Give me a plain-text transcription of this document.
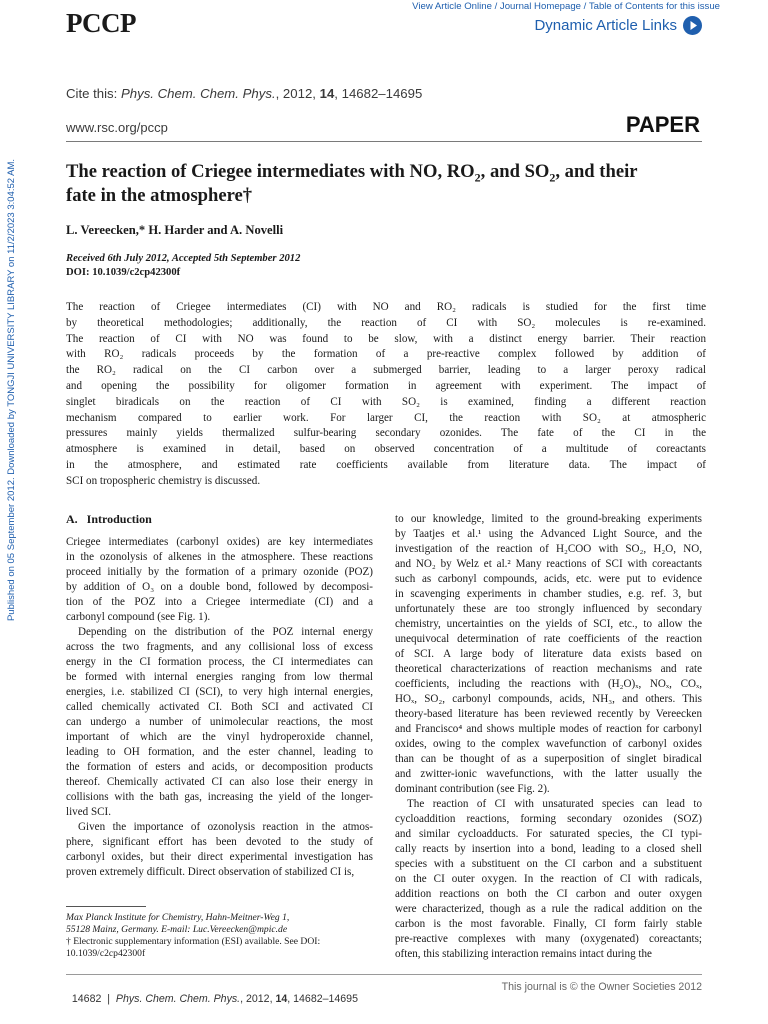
PCCP
View Article Online / Journal Homepage / Table of Contents for this issue
Dynamic Article Links
Cite this: Phys. Chem. Chem. Phys., 2012, 14, 14682–14695
www.rsc.org/pccp	PAPER
Published on 05 September 2012. Downloaded by TONGJI UNIVERSITY LIBRARY on 11/2/2023 3:04:52 AM.	The reaction of Criegee intermediates with NO, $RO_2$, and $SO_2$, and their
fate in the atmosphere†
L. Vereecken,* H. Harder and A. Novelli
Received 6th July 2012, Accepted 5th September 2012
DOI: 10.1039/c2cp42300f
The reaction of Criegee intermediates (CI) with NO and RO₂ radicals is studied for the first time
by theoretical methodologies; additionally, the reaction of CI with SO₂ molecules is re-examined.
The reaction of CI with NO was found to be slow, with a distinct energy barrier. Their reaction
with RO₂ radicals proceeds by the formation of a pre-reactive complex followed by addition of
the RO₂ radical on the CI carbon over a submerged barrier, leading to a larger peroxy radical
and opening the possibility for oligomer formation in agreement with experiment. The impact of
singlet biradicals on the reaction of CI with SO₂ is examined, finding a different reaction
mechanism compared to earlier work. For larger CI, the reaction with SO₂ at atmospheric
pressures mainly yields thermalized sulfur-bearing secondary ozonides. The fate of the CI in the
atmosphere is examined in detail, based on observed concentration of a multitude of coreactants
in the atmosphere, and estimated rate coefficients available from literature data. The impact of
SCI on tropospheric chemistry is discussed.
A.   Introduction
Criegee intermediates (carbonyl oxides) are key intermediates
in the ozonolysis of alkenes in the atmosphere. These reactions
proceed initially by the formation of a primary ozonide (POZ)
by addition of O₃ on a double bond, followed by decomposi-
tion of the POZ into a Criegee intermediate (CI) and a
carbonyl compound (see Fig. 1).
Depending on the distribution of the POZ internal energy
across the two fragments, and any collisional loss of excess
energy in the CI formation process, the CI intermediates can
be formed with internal energies ranging from low thermal
energies, i.e. stabilized CI (SCI), to very high internal energies,
called chemically activated CI. Both SCI and activated CI
can undergo a number of unimolecular reactions, the most
important of which are the vinyl hydroperoxide channel,
leading to OH formation, and the ester channel, leading to
the formation of esters and acids, or decomposition products
thereof. Chemically activated CI can also lose their energy in
collisions with the bath gas, increasing the yield of the longer-
lived SCI.
Given the importance of ozonolysis reaction in the atmos-
phere, significant effort has been devoted to the study of
carbonyl oxides, but their direct experimental investigation has
proven extremely difficult. Direct observation of stabilized CI is,
Max Planck Institute for Chemistry, Hahn-Meitner-Weg 1,
55128 Mainz, Germany. E-mail: Luc.Vereecken@mpic.de
† Electronic supplementary information (ESI) available. See DOI:
10.1039/c2cp42300f
to our knowledge, limited to the ground-breaking experiments
by Taatjes et al.¹ using the Advanced Light Source, and the
investigation of the reaction of H₂COO with SO₂, H₂O, NO,
and NO₂ by Welz et al.² Many reactions of SCI with coreactants
such as carbonyl compounds, acids, etc. were put to evidence
in scavenging experiments in chamber studies, e.g. ref. 3, but
unfortunately these are too strongly influenced by secondary
chemistry, uncertainties on the yields of SCI, etc., to allow the
unequivocal determination of rate coefficients of the reaction
of SCI. A large body of literature data exists based on
theoretical characterizations of reaction mechanisms and rate
coefficients, including the reactions with (H₂O)ₓ, NOₓ, COₓ,
HOₓ, SO₂, carbonyl compounds, acids, NH₃, and others. This
theory-based literature has been reviewed recently by Vereecken
and Francisco⁴ and shows multiple modes of reaction for carbonyl
oxides, owing to the complex wavefunction of carbonyl oxides
than can be thought of as a superposition of singlet biradical
and zwitter-ionic wavefunctions, with the latter usually the
dominant contribution (see Fig. 2).
The reaction of CI with unsaturated species can lead to
cycloaddition reactions, forming secondary ozonides (SOZ)
and similar cycloadducts. For saturated species, the CI typi-
cally reacts by insertion into a bond, leading to a closed shell
species with a substituent on the CI carbon and a substituent
on the CI outer oxygen. In the reaction of CI with radicals,
addition reactions on both the CI carbon and outer oxygen
were characterized, though as a rule the radical addition on the
carbon is the most favorable. Finally, CI form fairly stable
pre-reactive complexes with many (oxygenated) coreactants;
often, this stabilizing interaction remains intact during the

14682  |  Phys. Chem. Chem. Phys., 2012, 14, 14682–14695

This journal is © the Owner Societies 2012
